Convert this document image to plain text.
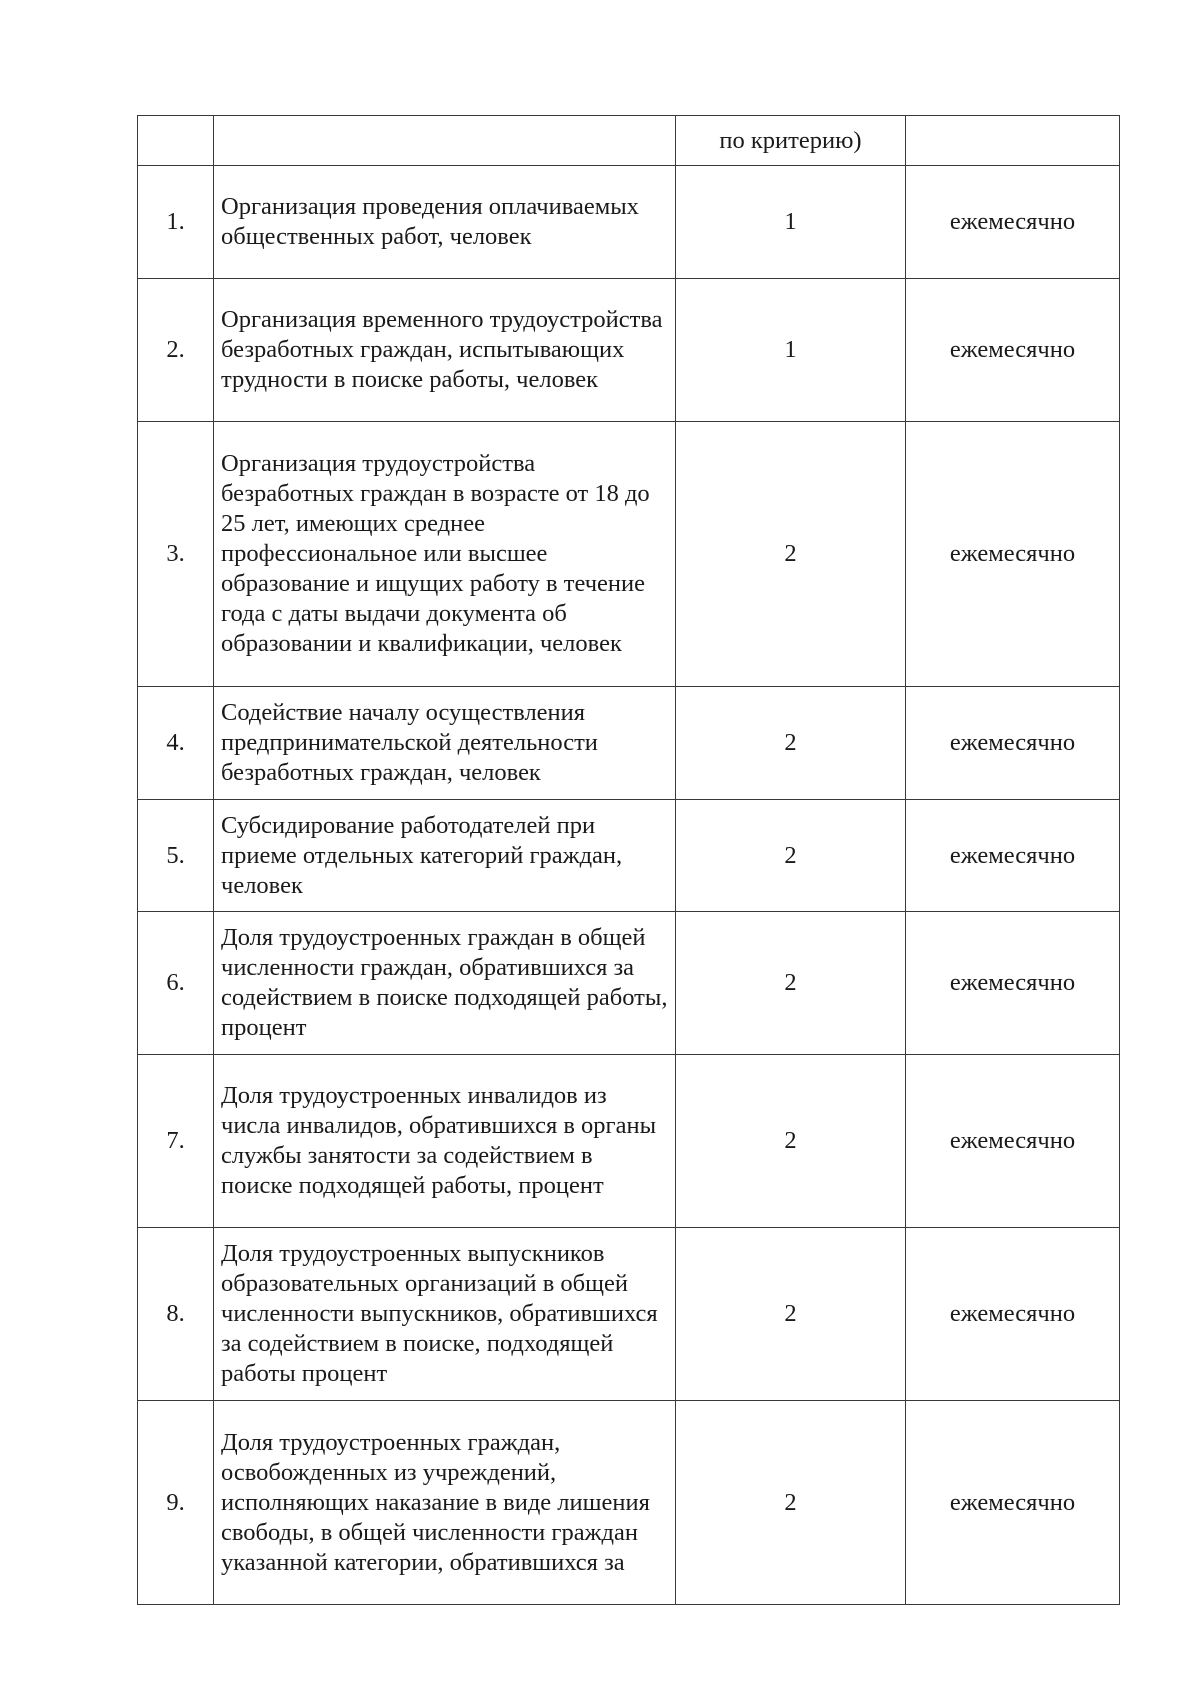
		по критерию)	
1.	Организация проведения оплачиваемых общественных работ, человек	1	ежемесячно
2.	Организация временного трудоустройства безработных граждан, испытывающих трудности в поиске работы, человек	1	ежемесячно
3.	Организация трудоустройства безработных граждан в возрасте от 18 до 25 лет, имеющих среднее профессиональное или высшее образование и ищущих работу в течение года с даты выдачи документа об образовании и квалификации, человек	2	ежемесячно
4.	Содействие началу осуществления предпринимательской деятельности безработных граждан, человек	2	ежемесячно
5.	Субсидирование работодателей при приеме отдельных категорий граждан, человек	2	ежемесячно
6.	Доля трудоустроенных граждан в общей численности граждан, обратившихся за содействием в поиске подходящей работы, процент	2	ежемесячно
7.	Доля трудоустроенных инвалидов из числа инвалидов, обратившихся в органы службы занятости за содействием в поиске подходящей работы, процент	2	ежемесячно
8.	Доля трудоустроенных выпускников образовательных организаций в общей численности выпускников, обратившихся за содействием в поиске, подходящей работы процент	2	ежемесячно
9.	Доля трудоустроенных граждан, освобожденных из учреждений, исполняющих наказание в виде лишения свободы, в общей численности граждан указанной категории, обратившихся за	2	ежемесячно
